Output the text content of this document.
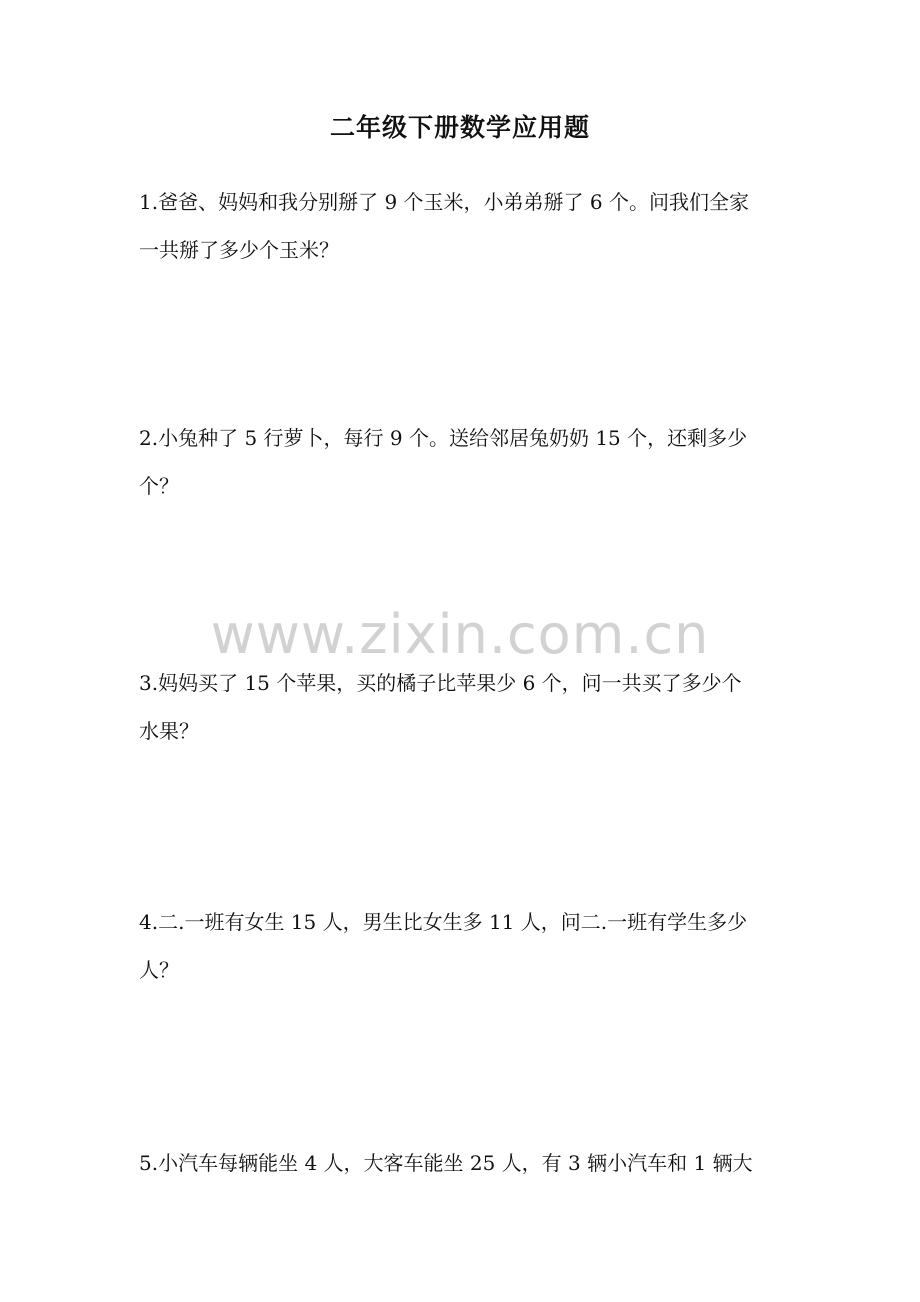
二年级下册数学应用题
1.爸爸、妈妈和我分别掰了 9 个玉米，小弟弟掰了 6 个。问我们全家
一共掰了多少个玉米？
2.小兔种了 5 行萝卜，每行 9 个。送给邻居兔奶奶 15 个，还剩多少
个？
www.zixin.com.cn
3.妈妈买了 15 个苹果，买的橘子比苹果少 6 个，问一共买了多少个
水果？
4.二.一班有女生 15 人，男生比女生多 11 人，问二.一班有学生多少
人？
5.小汽车每辆能坐 4 人，大客车能坐 25 人，有 3 辆小汽车和 1 辆大
